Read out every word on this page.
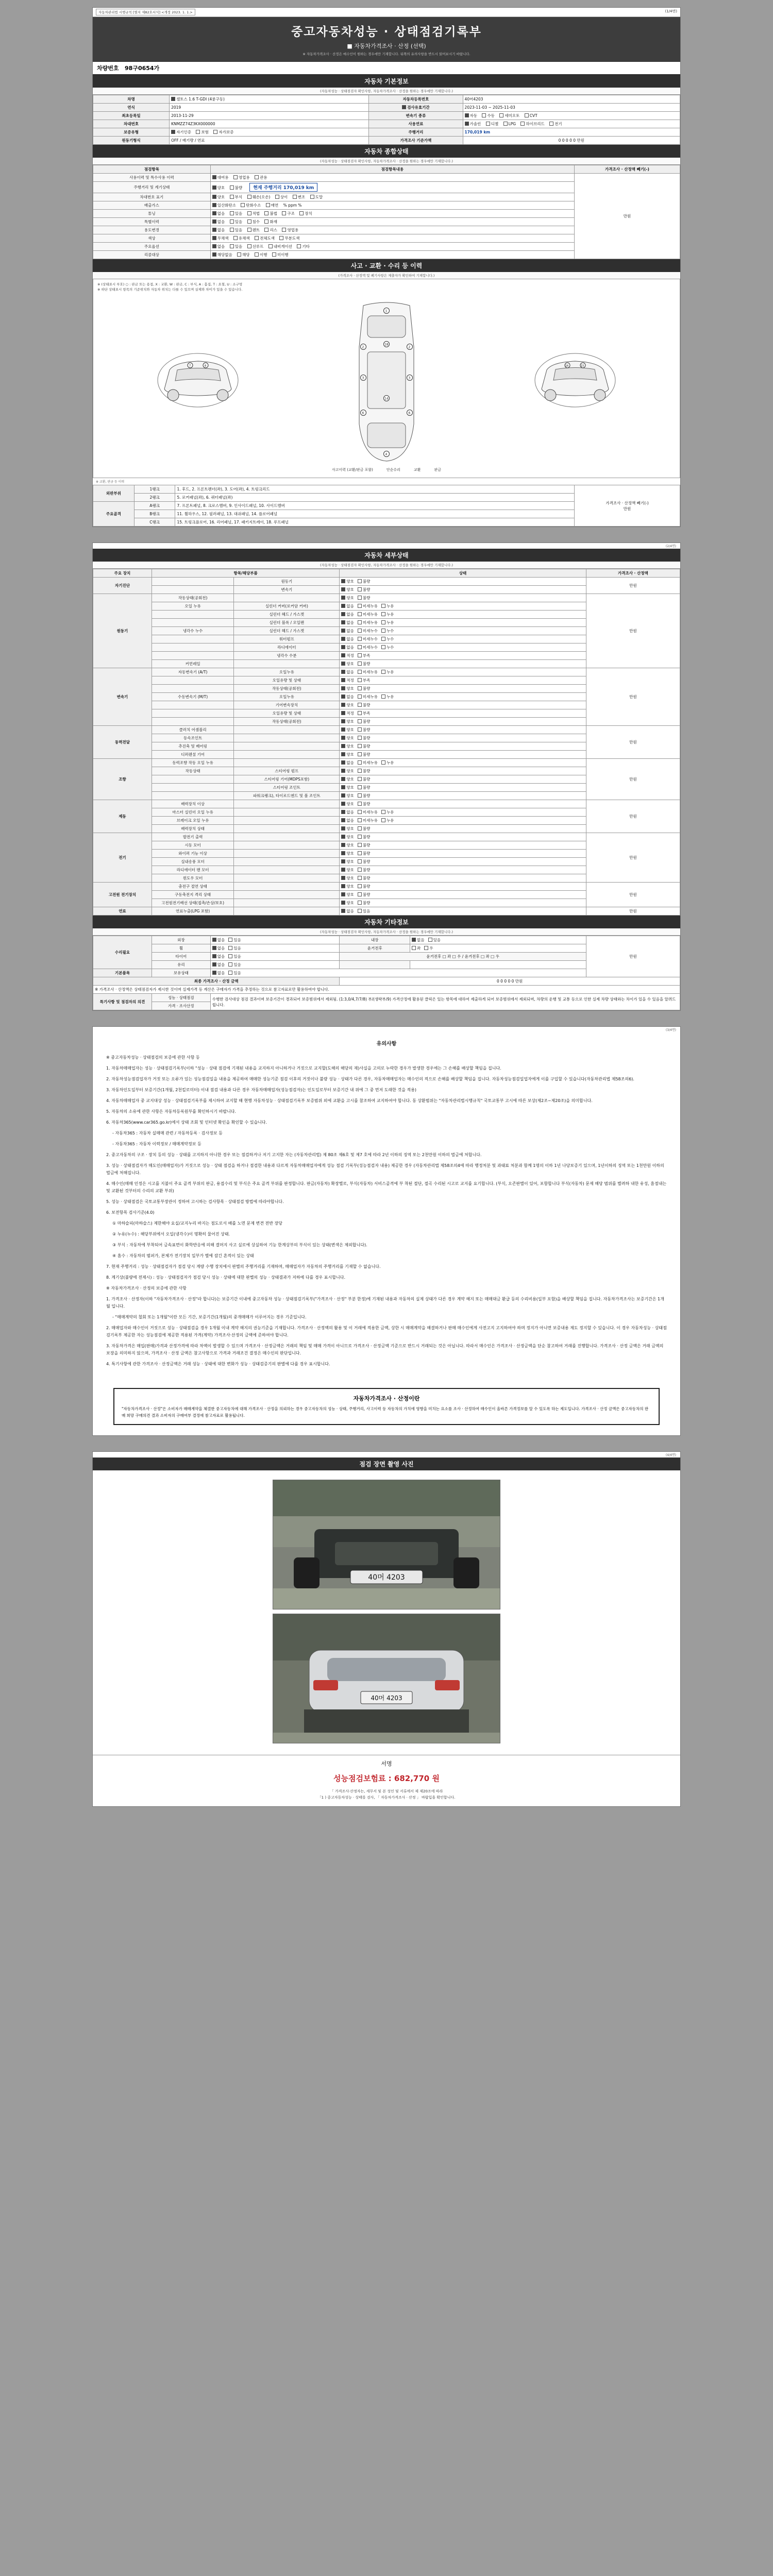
자동차관리법 시행규칙 [별지 제82호서식] <개정 2023. 1. 1.>	(1/4면)
중고자동차성능 · 상태점검기록부
■ 자동차가격조사 · 산정 (선택)
※ 자동차가격조사 · 산정은 매수인이 원하는 경우에만 기재합니다. 뒤쪽의 유의사항을 반드시 읽어보시기 바랍니다.
차량번호 98구0654가
자동차 기본정보
(자동차성능 · 상태점검자 확인사항, 자동차가격조사 · 산정을 원하는 경우에만 기재합니다.)
차명	셀토스 1.6 T-GDI (4륜구동)	자동차등록번호	40머4203
연식	2019	검사유효기간	2023-11-03 ~ 2025-11-03
최초등록일	2013-11-29	변속기 종류	자동 수동 세미오토 CVT
차대번호	KNMZZ74Z3KX000000	사용연료	가솔린 디젤 LPG 하이브리드 전기
보증유형	자기인증 보험 자가보증	주행거리	170,019 km
원동기형식	OFF / 배기량 / 연료	가격조사 기준가액	0 0 0 0 0 만원
자동차 종합상태
(자동차성능 · 상태점검자 확인사항, 자동차가격조사 · 산정을 원하는 경우에만 기재합니다.)
점검항목	점검항목내용	가격조사 · 산정액 빼기(-)
사용이력 및 특수사용 이력	대여용 영업용 관용	만원
주행거리 및 계기상태	양호 불량 현재 주행거리 170,019 km	
차대번호 표기	양호 부식 훼손(오손) 상이 변조 도말	
배출가스	일산화탄소 탄화수소 매연 % ppm %	
튜닝	없음 있음 적법 불법 구조 장치	
특별이력	없음 있음 침수 화재	
용도변경	없음 있음 렌트 리스 영업용	
색상	무채색 유채색 전체도색 무분도색	
주요옵션	없음 있음 선루프 내비게이션 기타	
리콜대상	해당없음 해당 이행 미이행	
사고 · 교환 · 수리 등 이력
(가격조사 · 산정액 및 폐기사항은 제출자가 확인하여 기재합니다.)
※ (상태표시 부호) ○ : 판금 또는 용접, X : 교환, W : 판금, C : 부식, A : 흠집, T : 요철, U : 소구멍
※ 하단 상태표시 항목의 기준위치와 자동차 위치는 다를 수 있으며 실제와 차이가 있을 수 있습니다.
7	8
1
2	2
3	3
6	6
4
18
14
16	15
사고이력 (교환/판금 포함)	단순수리	교환	판금
※ 교환, 판금 등 이력
외판부위	1랭크	1. 후드, 2. 프론트펜더(좌), 3. 도어(좌), 4. 트렁크리드	가격조사 · 산정액 빼기(-)
만원

	2랭크	5. 로커패널(좌), 6. 쿼터패널(좌)	
주요골격	A랭크	7. 프론트패널, 8. 크로스멤버, 9. 인사이드패널, 10. 사이드멤버	
	B랭크	11. 휠하우스, 12. 필러패널, 13. 대쉬패널, 14. 플로어패널	
	C랭크	15. 트렁크플로어, 16. 리어패널, 17. 패키지트레이, 18. 루프패널	
(2/4면)
자동차 세부상태
(자동차성능 · 상태점검자 확인사항, 자동차가격조사 · 산정을 원하는 경우에만 기재합니다.)
주요 장치	항목/해당부품		상태	가격조사 · 산정액
자기진단		원동기	양호 불량	만원
		변속기	양호 불량	
원동기	작동상태(공회전)		양호 불량	만원
	오일 누유	실린더 커버(로커암 커버)	없음 미세누유 누유	
		실린더 헤드 / 가스켓	없음 미세누유 누유	
		실린더 블록 / 오일팬	없음 미세누유 누유	
	냉각수 누수	실린더 헤드 / 가스켓	없음 미세누수 누수	
		워터펌프	없음 미세누수 누수	
		라디에이터	없음 미세누수 누수	
		냉각수 수분	적정 부족	
	커먼레일		양호 불량	
변속기	자동변속기 (A/T)	오일누유	없음 미세누유 누유	만원
		오일유량 및 상태	적정 부족	
		작동상태(공회전)	양호 불량	
	수동변속기 (M/T)	오일누유	없음 미세누유 누유	
		기어변속장치	양호 불량	
		오일유량 및 상태	적정 부족	
		작동상태(공회전)	양호 불량	
동력전달	클러치 어셈블리		양호 불량	만원
	등속조인트		양호 불량	
	추진축 및 베어링		양호 불량	
	디퍼렌셜 기어		양호 불량	
조향	동력조향 작동 오일 누유		없음 미세누유 누유	만원
	작동상태	스티어링 펌프	양호 불량	
		스티어링 기어(MDPS포함)	양호 불량	
		스티어링 조인트	양호 불량	
		파워크랭크), 타이로드엔드 및 볼 조인트	양호 불량	
제동	배력장치 이상		양호 불량	만원
	마스터 실린더 오일 누유		없음 미세누유 누유	
	브레이크 오일 누유		없음 미세누유 누유	
	배력장치 상태		양호 불량	
전기	발전기 출력		양호 불량	만원
	시동 모터		양호 불량	
	와이퍼 기능 이상		양호 불량	
	실내송풍 모터		양호 불량	
	라디에이터 팬 모터		양호 불량	
	윈도우 모터		양호 불량	
고전원 전기장치	충전구 절연 상태		양호 불량	만원
	구동축전지 격리 상태		양호 불량	
	고전원전기배선 상태(접촉/손상/보호)		양호 불량	
연료	연료누출(LPG 포함)		없음 있음	만원
자동차 기타정보
(자동차성능 · 상태점검자 확인사항, 자동차가격조사 · 산정을 원하는 경우에만 기재합니다.)
수리필요	외장	없음 있음	내장	없음 있음	만원
	휠	없음 있음	윤거전후	좌 우	
	타이어	없음 있음	윤거전후 □ 좌 □ 우 / 윤거전후 □ 좌 □ 우		
	유리	없음 있음			
기본품목	보유상태	없음 있음			
최종 가격조사 · 산정 금액			0 0 0 0 0 만원		
※ 가격조사 · 산정액은 상태점검자가 제시한 것이며 실제가격 등 계산은 구매자가 가격을 추정하는 것으로 참고자료로만 활용하여야 합니다.					
특기사항 및 점검자의 의견	성능 · 상태점검	수행한 검사대상 점검 결과이며 보증기간이 경과되어 보증범위에서 제외됨. (1:3,0/4,7/7/8) 부/(생략부/9) 가격산정에 활용된 클릭은 있는 항목에 대하여 제출하게 되어 보증범위에서 제외되며, 차량의 운행 및 교통 등으로 인한 실제 차량 상태와는 차이가 있을 수 있음을 알려드립니다.			
	가격 · 조사산정				
(3/4면)
유의사항

※ 중고자동차성능 · 상태점검의 보증에 관한 사항 등

1. 자동차매매업자는 성능 · 상태점검기록부(이하 "성능 · 상태 점검에 기재된 내용을 교지하지 아니하거나 거짓으로 교지할(도해의 해당의 재)사실을 고의로 누락한 경우가 발생한 경우에는 그 손해를 배상할 책임을 집니다.

2. 자동차성능점검업자가 거짓 또는 오류가 있는 성능점검일을 내용을 제공하여 매매한 성능기준 점검 이후의 거짓이나 불량 성능 · 상태가 다른 경우, 자동차매매업자는 매수인의 적으로 손해를 배상할 책임을 집니다. 자동차성능점검일업자에게 이를 구입할 수 있습니다(자동차관리법 제58조의6).

3. 자동차인도일부터 보증기간(1개월, 2천킬로미터) 이내 점검 내용과 다른 경우 자동차매매업자(성능점검자)는 인도일로부터 보증기간 내 위에 그 중 먼저 도래한 것을 적용)

4. 자동차매매업자 중 교지대상 성능 · 상태점검기록부를 제시하여 교지할 때 현행 자동차성능 · 상태점검기록부 보증범위 외에 교환을 고시를 참조하여 교지하여야 합니다. 동 상환범위는 "자동차관리법시행규칙" 국토교통부 고시에 따른 보상(제2조~제20조)을 의미합니다.

5. 자동차의 소유에 관한 사항은 자동차등록원부를 확인하시기 바랍니다.

6. 자동차365(www.car365.go.kr)에서 상태 조회 및 인터넷 확인을 확인할 수 있습니다.

- 자동차365 : 자동차 실매매 관련 / 자동차등록 · 검사정보 등

- 자동차365 : 자동차 이력정보 / 매매계약정보 등

2. 중고자동차의 구조 · 장치 등의 성능 · 상태를 고지하지 아니한 경우 또는 점검하거나 저기 고지한 자는 (자동차관리법) 제 80조 제6호 및 제7 호에 따라 2년 이하의 징역 또는 2천만원 이하의 벌금에 처합니다.

3. 성능 · 상태점검자가 매도인(매매업자)가 거짓으로 성능 · 상태 점검을 하거나 점검한 내용과 다르게 자동차매매업자에게 성능 점검 기록부(성능점검자 내용) 제공한 경우 (자동차관리법 제58조의4에 따라 행정처분 및 과태료 처분과 함께 1명의 이하 1년 나당보증기 있으며, 1년이하의 징역 또는 1천만원 이하의 벌금에 처해집니다.

4. 매수인(매매 인정은 시고를 지불이 주요 골격 부위의 판금, 용접수리 및 부식은 주요 골격 부위를 판정합니다. 판금(자동차) 확장별로, 부식(자동차) 서비스골격에 부 착된 절단, 절곡 수리된 시고로 교지를 요기합니다. (부식, 오존판별이 있어, 포함합니다 부식(자동차) 문제 해당 범위를 별려하 내한 유성, 흠점내는 및 교환된 것부터의 수리의 교환 부위)

5. 성능 · 상태점검은 국토교통부장관이 정하여 고시하는 검사항목 · 상태점검 방법에 따라야합니다.

6. 보전항목 검사기준(4.0)

① 마하슬피(마하슬스) 제한해야 요실/교지누리 바지는 점도로서 배를 노면 문제 변견 전반 장당

② 누유(누수) : 해당부위에서 오일(냉각수)이 명확히 물어진 상태.

③ 부식 : 자동차에 부착되어 금속표면이 화학반응에 의해 결머지 사고 실로에 상실하여 기능 한계상부의 부식이 있는 상태(변색은 제외합니다).

④ 흠수 : 자동차의 범퍼가, 본체가 전기장치 일부가 별에 잠긴 흔적이 있는 상태

7. 현재 주행거리 : 성능 · 상태점검자가 점검 당시 계량 수행 장치에서 판별의 주행거리를 기재하며, 매매업자가 자동차의 주행거리를 기재할 수 없습니다.

8. 계기상(불량에 전제시) : 성능 · 상태점검자가 점검 당시 성능 · 상태에 대한 판별의 성능 · 상태결과가 저하에 다를 경우 표시합니다.

※ 자동차가격조사 · 산정의 보증에 관한 사항

1. 가격조사 · 산정자(이하 "자동차가격조사 · 산정"라 합니다)는 보증기간 이내에 중고자동차 성능 · 상태점검기록부("가격조사 · 산정" 부분 한정)에 기재된 내용과 자동차의 실제 상태가 다른 경우 계약 해지 또는 매매대금 환급 등의 수리비용(일부 포함)을 배상할 책임을 집니다. 자동차가격조사는 보증기간은 1개월 입니다.

- "매매계약의 철회 또는 1개월"이란 모든 기간, 보증기간(1개월)의 중개매매가 이루어지는 경우 기준입니다.

2. 매매업자와 매수인이 거짓으로 성능 · 상태점검을 경우 1개월 이내 계약 해지의 권능기준을 기재합니다. 가격조사 · 산정액의 활용 및 이 거래에 적용한 금액, 상한 시 매매계약을 해결하거나 판매 매수인에게 사전고지 고지하여야 하며 정지가 아니면 보증내용 제도 정지할 수 있습니다. 이 경우 자동차성능 · 상태점검기록부 제공한 자는 성능점검에 제공한 적용된 가격(계약) 가격조사·산정의 금액에 준하여야 합니다.

3. 자동차가격은 매입(판매)가격과 산정가격에 따라 차액이 발생할 수 있으며 가격조사 · 산정금액은 거래의 책임 및 매매 가격이 아니므로 가격조사 · 산정금액 기준으로 반드시 거래되는 것은 아닙니다. 따라서 매수인은 가격조사 · 산정금액을 단순 참고하여 거래를 진행합니다. 가격조사 · 산정 금액은 거래 금액의 보장을 의미하지 않으며, 가격조사 · 산정 금액은 참고사항으로 가격과 거래조건 결정은 매수인의 판단입니다.

4. 특기사항에 관한 가격조사 · 산정금액은 거래 성능 · 상태에 대한 변화가 성능 · 상태검증기의 판별에 다를 경우 표시합니다.

자동차가격조사 · 산정이란

"자동차가격조사 · 산정"은 소비자가 매매계약을 체결한 중고자동차에 대해 가격조사 · 산정을 의뢰하는 경우 중고자동차의 성능 · 상태, 주행거리, 사고이력 등 자동차의 가치에 영향을 미치는 요소를 조사 · 산정하여 매수인이 올바른 가격정보를 알 수 있도록 하는 제도입니다. 가격조사 · 산정 금액은 중고자동차의 판매 희망 구매의견 결과 소비자의 구매여부 결정에 참고자료로 활용됩니다.

(4/4면)
점검 장면 촬영 사진
40머 4203
40머 4203
서명
성능점검보험료 : 682,770 원
「 가격조사·산정자는, 세무서 및 본 성인 및 서류에서 제 제20조에 따라
「1 ) 중고자동차성능 · 상태를 검사, 「 자동차가격조사 · 산정 」 바랍입을 확인합니다.
